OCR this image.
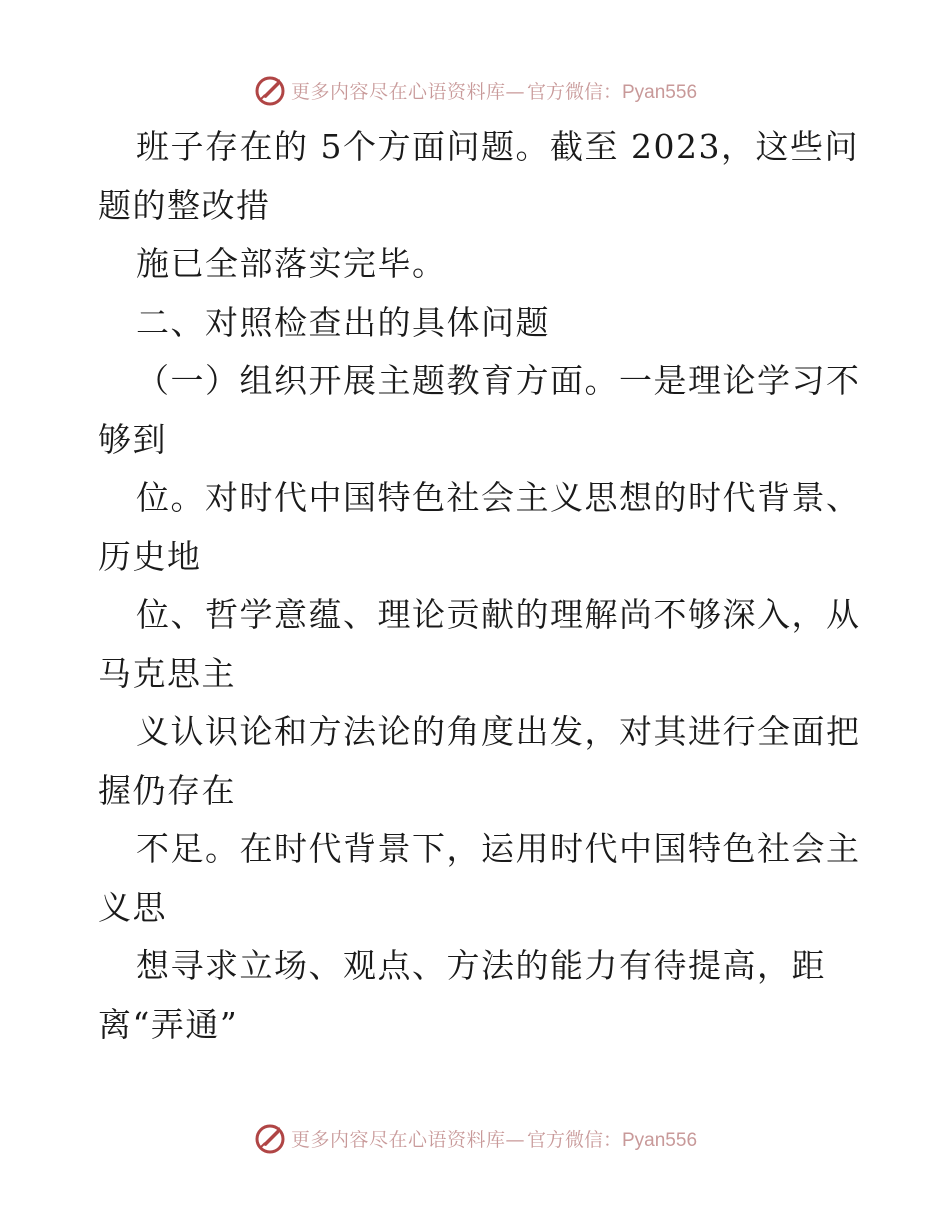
更多内容尽在心语资料库— 官方微信：Pyan556

班子存在的 5个方面问题。截至 2023，这些问

题的整改措

施已全部落实完毕。

二、对照检查出的具体问题

（一）组织开展主题教育方面。一是理论学习不

够到

位。对时代中国特色社会主义思想的时代背景、

历史地

位、哲学意蕴、理论贡献的理解尚不够深入，从

马克思主

义认识论和方法论的角度出发，对其进行全面把

握仍存在

不足。在时代背景下，运用时代中国特色社会主

义思

想寻求立场、观点、方法的能力有待提高，距

离“弄通”

更多内容尽在心语资料库— 官方微信：Pyan556
